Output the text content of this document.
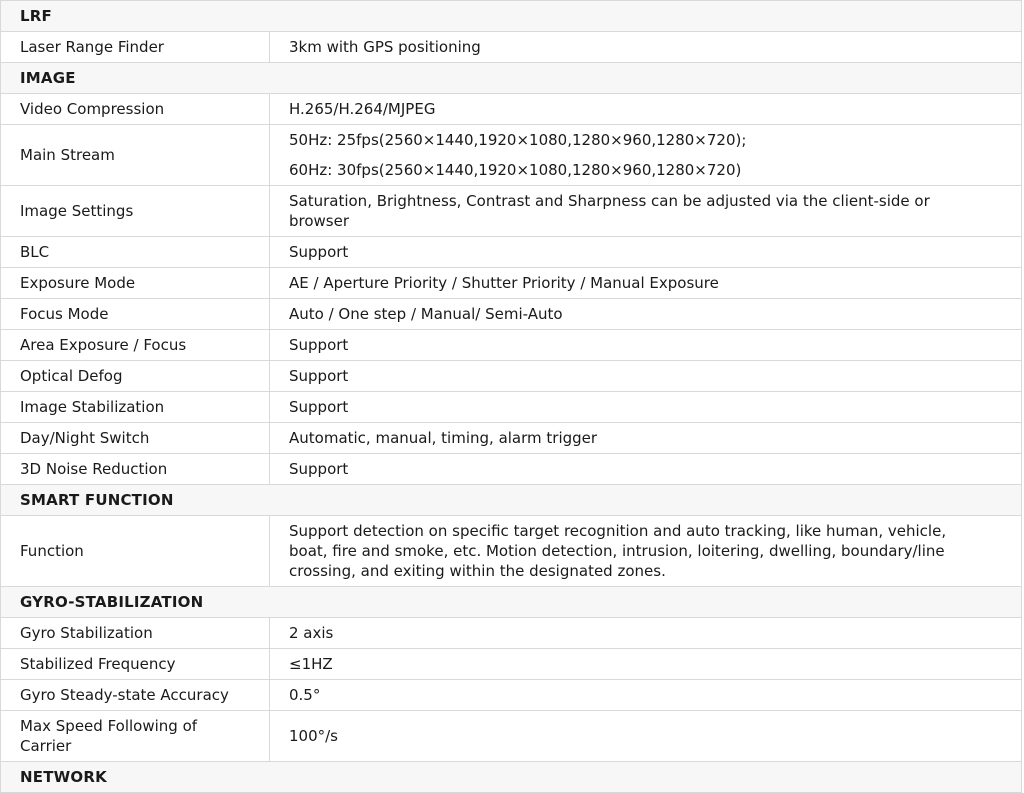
LRF	
Laser Range Finder	3km with GPS positioning
IMAGE	
Video Compression	H.265/H.264/MJPEG
Main Stream	50Hz: 25fps(2560×1440,1920×1080,1280×960,1280×720);
60Hz: 30fps(2560×1440,1920×1080,1280×960,1280×720)

Image Settings	Saturation, Brightness, Contrast and Sharpness can be adjusted via the client-side or browser

BLC	Support
Exposure Mode	AE / Aperture Priority / Shutter Priority / Manual Exposure
Focus Mode	Auto / One step / Manual/ Semi-Auto
Area Exposure / Focus	Support
Optical Defog	Support
Image Stabilization	Support
Day/Night Switch	Automatic, manual, timing, alarm trigger
3D Noise Reduction	Support
SMART FUNCTION	
Function	Support detection on specific target recognition and auto tracking, like human, vehicle, boat, fire and smoke, etc. Motion detection, intrusion, loitering, dwelling, boundary/line crossing, and exiting within the designated zones.

GYRO-STABILIZATION	
Gyro Stabilization	2 axis
Stabilized Frequency	≤1HZ
Gyro Steady-state Accuracy	0.5°
Max Speed Following of Carrier	100°/s
NETWORK	
